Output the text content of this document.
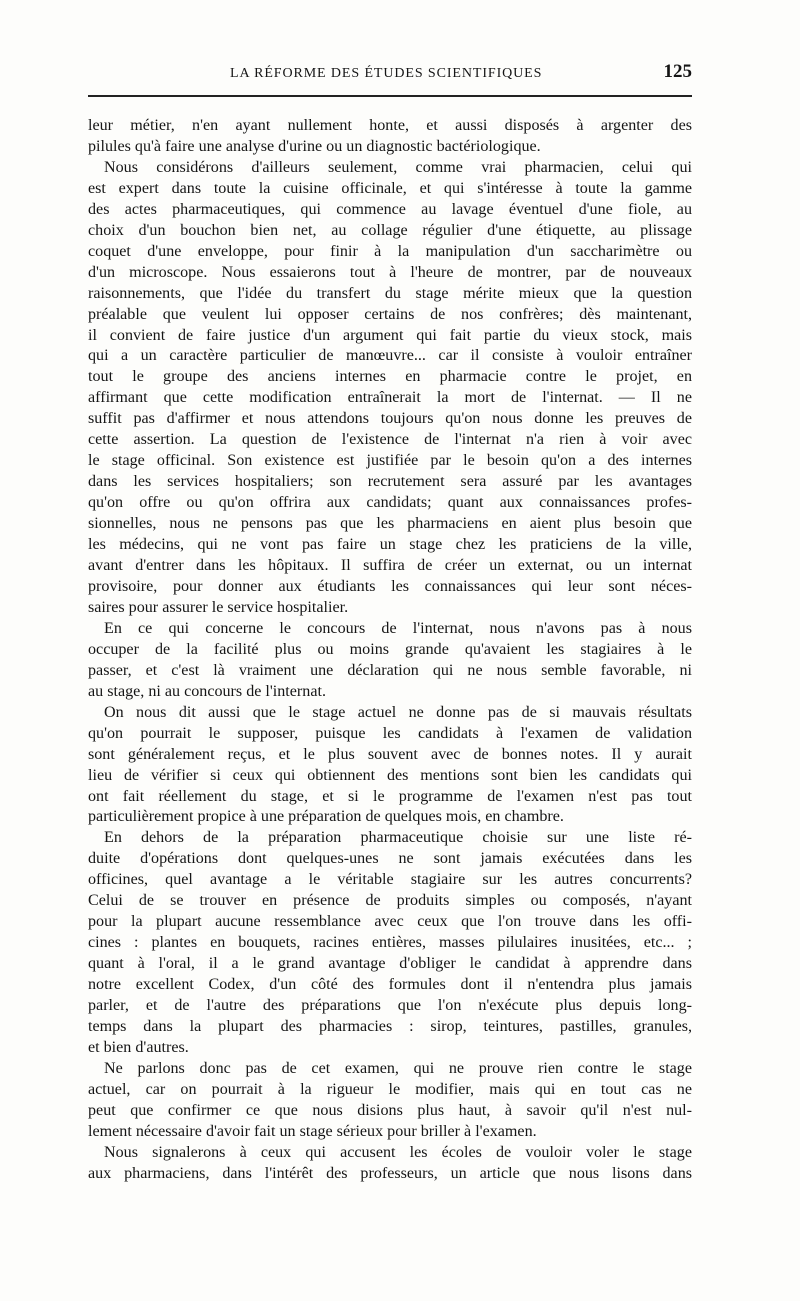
LA RÉFORME DES ÉTUDES SCIENTIFIQUES	125
leur métier, n'en ayant nullement honte, et aussi disposés à argenter des
pilules qu'à faire une analyse d'urine ou un diagnostic bactériologique.
Nous considérons d'ailleurs seulement, comme vrai pharmacien, celui qui
est expert dans toute la cuisine officinale, et qui s'intéresse à toute la gamme
des actes pharmaceutiques, qui commence au lavage éventuel d'une fiole, au
choix d'un bouchon bien net, au collage régulier d'une étiquette, au plissage
coquet d'une enveloppe, pour finir à la manipulation d'un saccharimètre ou
d'un microscope. Nous essaierons tout à l'heure de montrer, par de nouveaux
raisonnements, que l'idée du transfert du stage mérite mieux que la question
préalable que veulent lui opposer certains de nos confrères; dès maintenant,
il convient de faire justice d'un argument qui fait partie du vieux stock, mais
qui a un caractère particulier de manœuvre... car il consiste à vouloir entraîner
tout le groupe des anciens internes en pharmacie contre le projet, en
affirmant que cette modification entraînerait la mort de l'internat. — Il ne
suffit pas d'affirmer et nous attendons toujours qu'on nous donne les preuves de
cette assertion. La question de l'existence de l'internat n'a rien à voir avec
le stage officinal. Son existence est justifiée par le besoin qu'on a des internes
dans les services hospitaliers; son recrutement sera assuré par les avantages
qu'on offre ou qu'on offrira aux candidats; quant aux connaissances profes-
sionnelles, nous ne pensons pas que les pharmaciens en aient plus besoin que
les médecins, qui ne vont pas faire un stage chez les praticiens de la ville,
avant d'entrer dans les hôpitaux. Il suffira de créer un externat, ou un internat
provisoire, pour donner aux étudiants les connaissances qui leur sont néces-
saires pour assurer le service hospitalier.
En ce qui concerne le concours de l'internat, nous n'avons pas à nous
occuper de la facilité plus ou moins grande qu'avaient les stagiaires à le
passer, et c'est là vraiment une déclaration qui ne nous semble favorable, ni
au stage, ni au concours de l'internat.
On nous dit aussi que le stage actuel ne donne pas de si mauvais résultats
qu'on pourrait le supposer, puisque les candidats à l'examen de validation
sont généralement reçus, et le plus souvent avec de bonnes notes. Il y aurait
lieu de vérifier si ceux qui obtiennent des mentions sont bien les candidats qui
ont fait réellement du stage, et si le programme de l'examen n'est pas tout
particulièrement propice à une préparation de quelques mois, en chambre.
En dehors de la préparation pharmaceutique choisie sur une liste ré-
duite d'opérations dont quelques-unes ne sont jamais exécutées dans les
officines, quel avantage a le véritable stagiaire sur les autres concurrents?
Celui de se trouver en présence de produits simples ou composés, n'ayant
pour la plupart aucune ressemblance avec ceux que l'on trouve dans les offi-
cines : plantes en bouquets, racines entières, masses pilulaires inusitées, etc... ;
quant à l'oral, il a le grand avantage d'obliger le candidat à apprendre dans
notre excellent Codex, d'un côté des formules dont il n'entendra plus jamais
parler, et de l'autre des préparations que l'on n'exécute plus depuis long-
temps dans la plupart des pharmacies : sirop, teintures, pastilles, granules,
et bien d'autres.
Ne parlons donc pas de cet examen, qui ne prouve rien contre le stage
actuel, car on pourrait à la rigueur le modifier, mais qui en tout cas ne
peut que confirmer ce que nous disions plus haut, à savoir qu'il n'est nul-
lement nécessaire d'avoir fait un stage sérieux pour briller à l'examen.
Nous signalerons à ceux qui accusent les écoles de vouloir voler le stage
aux pharmaciens, dans l'intérêt des professeurs, un article que nous lisons dans
